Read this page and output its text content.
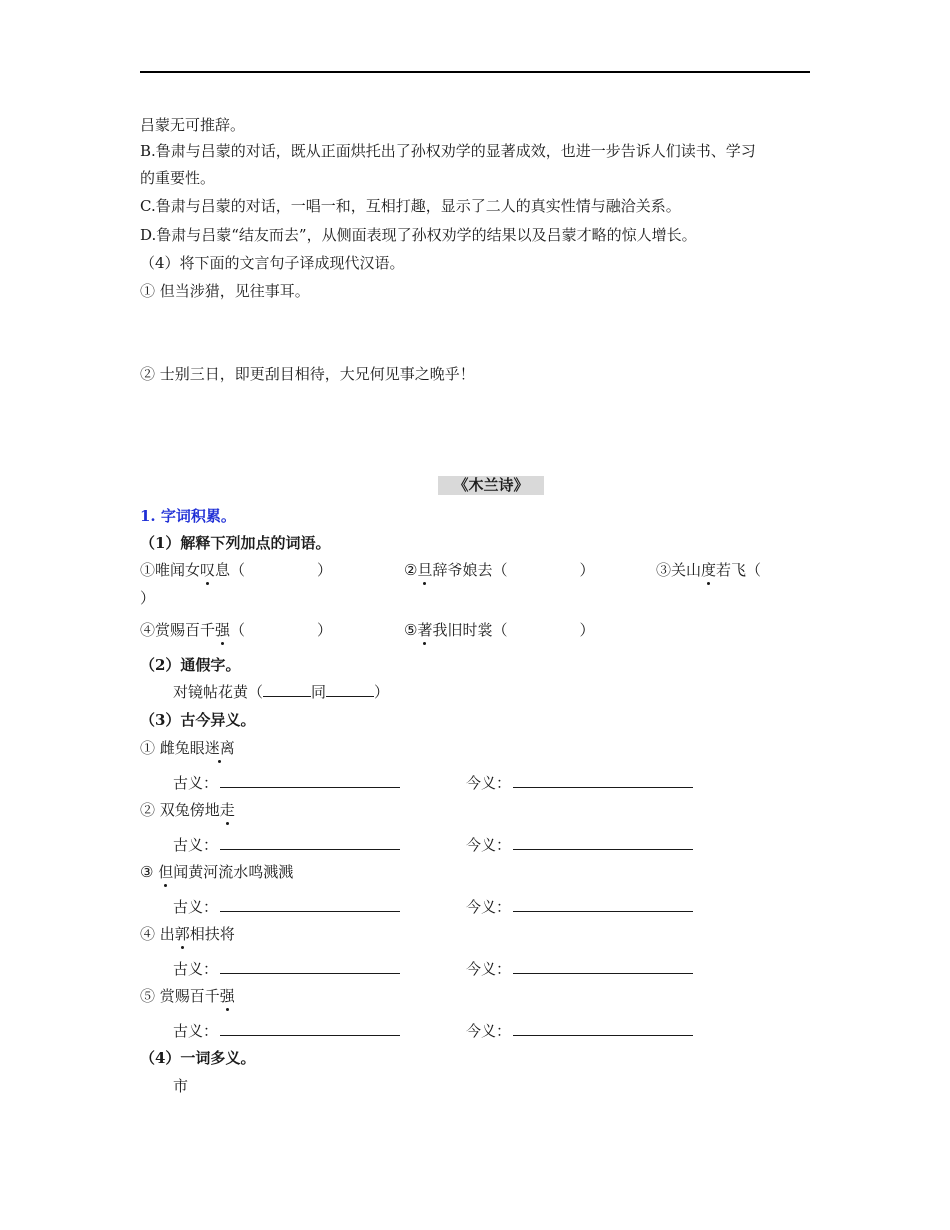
吕蒙无可推辞。
B.鲁肃与吕蒙的对话，既从正面烘托出了孙权劝学的显著成效，也进一步告诉人们读书、学习
的重要性。
C.鲁肃与吕蒙的对话，一唱一和，互相打趣，显示了二人的真实性情与融洽关系。
D.鲁肃与吕蒙“结友而去”，从侧面表现了孙权劝学的结果以及吕蒙才略的惊人增长。
（4）将下面的文言句子译成现代汉语。
① 但当涉猎，见往事耳。
② 士别三日，即更刮目相待，大兄何见事之晚乎！
《木兰诗》
1. 字词积累。
（1）解释下列加点的词语。
①唯闻女叹息（	）	②旦辞爷娘去（	）	③关山度若飞（
）
④赏赐百千强（	）	⑤著我旧时裳（	）
（2）通假字。
对镜帖花黄（	同	）
（3）古今异义。
① 雌兔眼迷离
古义：	今义：
② 双兔傍地走
古义：	今义：
③ 但闻黄河流水鸣溅溅
古义：	今义：
④ 出郭相扶将
古义：	今义：
⑤ 赏赐百千强
古义：	今义：
（4）一词多义。
市
